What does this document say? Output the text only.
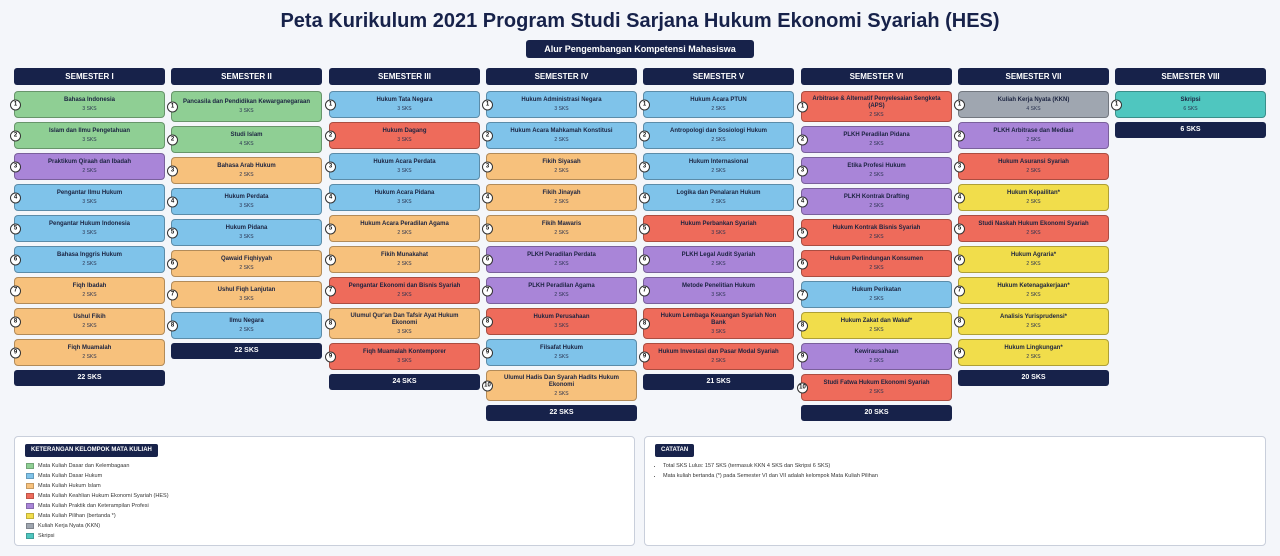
Peta Kurikulum 2021 Program Studi Sarjana Hukum Ekonomi Syariah (HES)
Alur Pengembangan Kompetensi Mahasiswa
SEMESTER I
1
Bahasa Indonesia
3 SKS
2
Islam dan Ilmu Pengetahuan
3 SKS
3
Praktikum Qiraah dan Ibadah
2 SKS
4
Pengantar Ilmu Hukum
3 SKS
5
Pengantar Hukum Indonesia
3 SKS
6
Bahasa Inggris Hukum
2 SKS
7
Fiqh Ibadah
2 SKS
8
Ushul Fikih
2 SKS
9
Fiqh Muamalah
2 SKS
22 SKS
SEMESTER II
1
Pancasila dan Pendidikan Kewarganegaraan
3 SKS
2
Studi Islam
4 SKS
3
Bahasa Arab Hukum
2 SKS
4
Hukum Perdata
3 SKS
5
Hukum Pidana
3 SKS
6
Qawaid Fiqhiyyah
2 SKS
7
Ushul Fiqh Lanjutan
3 SKS
8
Ilmu Negara
2 SKS
22 SKS
SEMESTER III
1
Hukum Tata Negara
3 SKS
2
Hukum Dagang
3 SKS
3
Hukum Acara Perdata
3 SKS
4
Hukum Acara Pidana
3 SKS
5
Hukum Acara Peradilan Agama
2 SKS
6
Fikih Munakahat
2 SKS
7
Pengantar Ekonomi dan Bisnis Syariah
2 SKS
8
Ulumul Qur'an Dan Tafsir Ayat Hukum Ekonomi
3 SKS
9
Fiqh Muamalah Kontemporer
3 SKS
24 SKS
SEMESTER IV
1
Hukum Administrasi Negara
3 SKS
2
Hukum Acara Mahkamah Konstitusi
2 SKS
3
Fikih Siyasah
2 SKS
4
Fikih Jinayah
2 SKS
5
Fikih Mawaris
2 SKS
6
PLKH Peradilan Perdata
2 SKS
7
PLKH Peradilan Agama
2 SKS
8
Hukum Perusahaan
3 SKS
9
Filsafat Hukum
2 SKS
10
Ulumul Hadis Dan Syarah Hadits Hukum Ekonomi
2 SKS
22 SKS
SEMESTER V
1
Hukum Acara PTUN
2 SKS
2
Antropologi dan Sosiologi Hukum
2 SKS
3
Hukum Internasional
2 SKS
4
Logika dan Penalaran Hukum
2 SKS
5
Hukum Perbankan Syariah
3 SKS
6
PLKH Legal Audit Syariah
2 SKS
7
Metode Penelitian Hukum
3 SKS
8
Hukum Lembaga Keuangan Syariah Non Bank
3 SKS
9
Hukum Investasi dan Pasar Modal Syariah
2 SKS
21 SKS
SEMESTER VI
1
Arbitrase & Alternatif Penyelesaian Sengketa (APS)
2 SKS
2
PLKH Peradilan Pidana
2 SKS
3
Etika Profesi Hukum
2 SKS
4
PLKH Kontrak Drafting
2 SKS
5
Hukum Kontrak Bisnis Syariah
2 SKS
6
Hukum Perlindungan Konsumen
2 SKS
7
Hukum Perikatan
2 SKS
8
Hukum Zakat dan Wakaf*
2 SKS
9
Kewirausahaan
2 SKS
10
Studi Fatwa Hukum Ekonomi Syariah
2 SKS
20 SKS
SEMESTER VII
1
Kuliah Kerja Nyata (KKN)
4 SKS
2
PLKH Arbitrase dan Mediasi
2 SKS
3
Hukum Asuransi Syariah
2 SKS
4
Hukum Kepailitan*
2 SKS
5
Studi Naskah Hukum Ekonomi Syariah
2 SKS
6
Hukum Agraria*
2 SKS
7
Hukum Ketenagakerjaan*
2 SKS
8
Analisis Yurisprudensi*
2 SKS
9
Hukum Lingkungan*
2 SKS
20 SKS
SEMESTER VIII
1
Skripsi
6 SKS
6 SKS
KETERANGAN KELOMPOK MATA KULIAH
Mata Kuliah Dasar dan Kelembagaan
Mata Kuliah Dasar Hukum
Mata Kuliah Hukum Islam
Mata Kuliah Keahlian Hukum Ekonomi Syariah (HES)
Mata Kuliah Praktik dan Keterampilan Profesi
Mata Kuliah Pilihan (bertanda *)
Kuliah Kerja Nyata (KKN)
Skripsi
CATATAN
• Total SKS Lulus: 157 SKS (termasuk KKN 4 SKS dan Skripsi 6 SKS)
• Mata kuliah bertanda (*) pada Semester VI dan VII adalah kelompok Mata Kuliah Pilihan
